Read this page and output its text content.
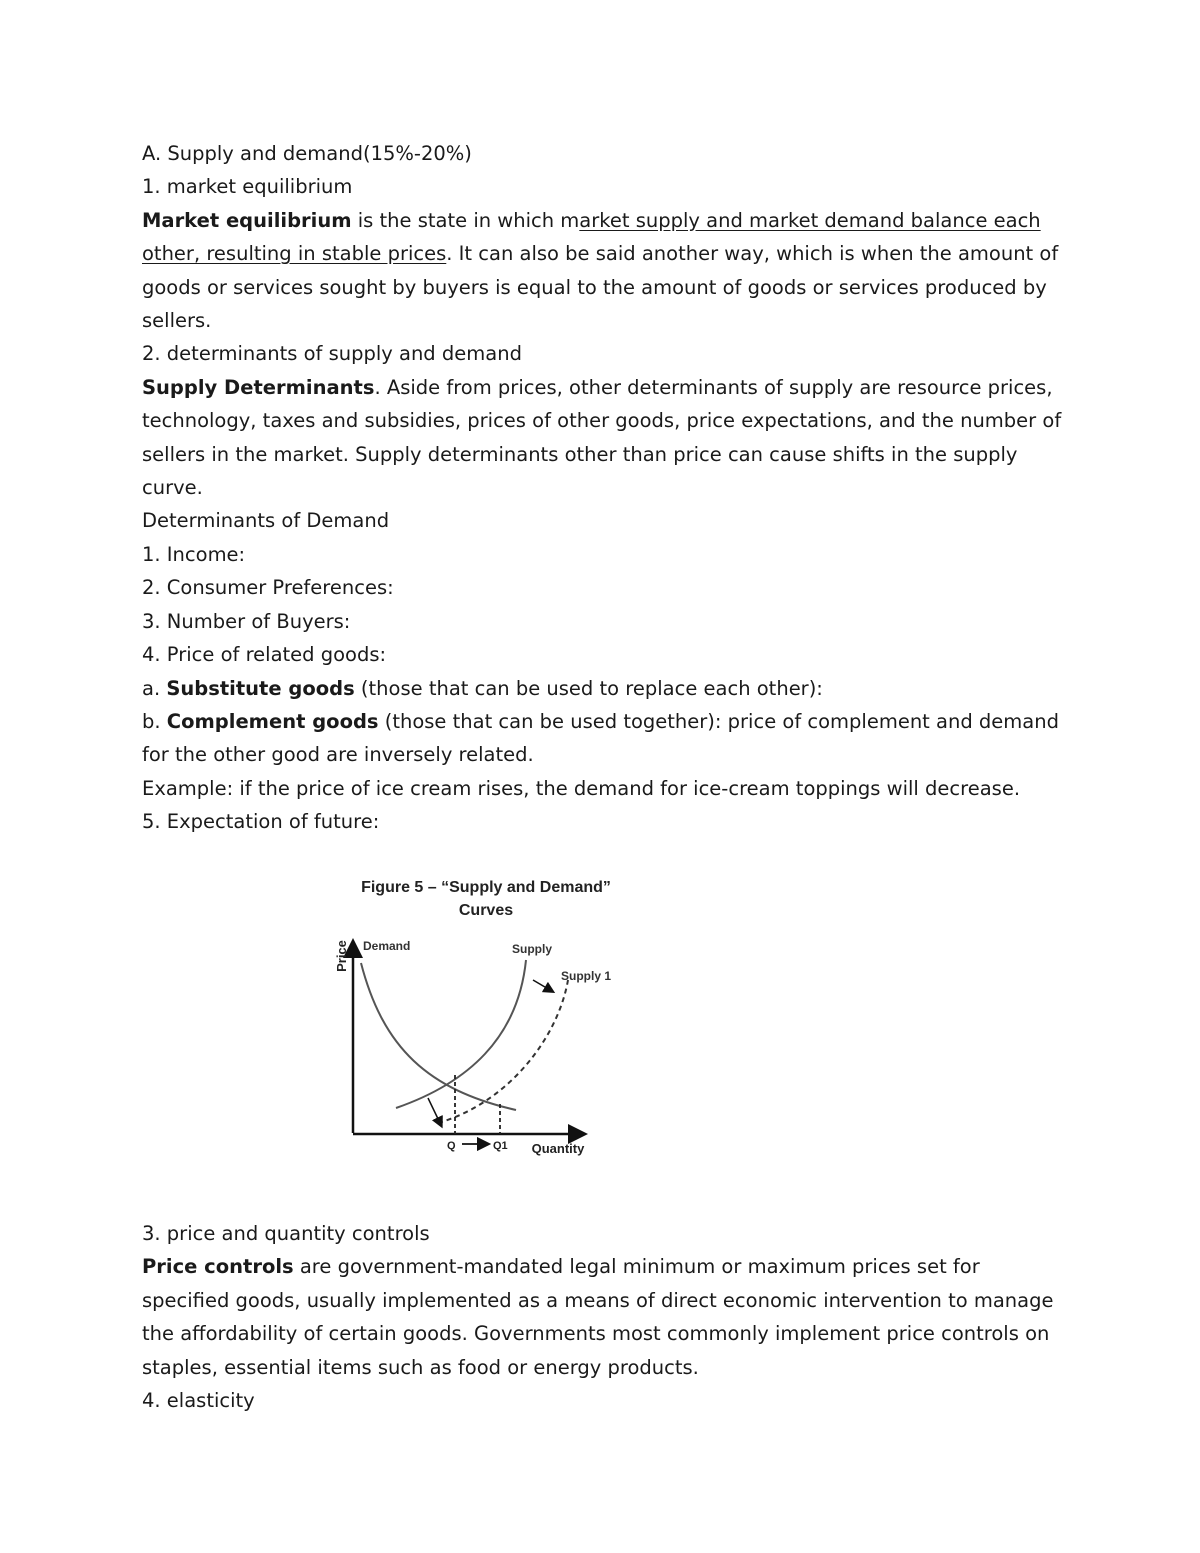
A. Supply and demand(15%-20%)

1. market equilibrium

Market equilibrium is the state in which market supply and market demand balance each other, resulting in stable prices. It can also be said another way, which is when the amount of goods or services sought by buyers is equal to the amount of goods or services produced by sellers.

2. determinants of supply and demand

Supply Determinants. Aside from prices, other determinants of supply are resource prices, technology, taxes and subsidies, prices of other goods, price expectations, and the number of sellers in the market. Supply determinants other than price can cause shifts in the supply curve.

Determinants of Demand

1. Income:

2. Consumer Preferences:

3. Number of Buyers:

4. Price of related goods:

a. Substitute goods (those that can be used to replace each other):

b. Complement goods (those that can be used together): price of complement and demand for the other good are inversely related.

Example: if the price of ice cream rises, the demand for ice-cream toppings will decrease.

5. Expectation of future:

Figure 5 – “Supply and Demand”
Curves
Price
Quantity
Demand	Supply
Supply 1
Q	Q1

3. price and quantity controls

Price controls are government-mandated legal minimum or maximum prices set for specified goods, usually implemented as a means of direct economic intervention to manage the affordability of certain goods. Governments most commonly implement price controls on staples, essential items such as food or energy products.

4. elasticity
